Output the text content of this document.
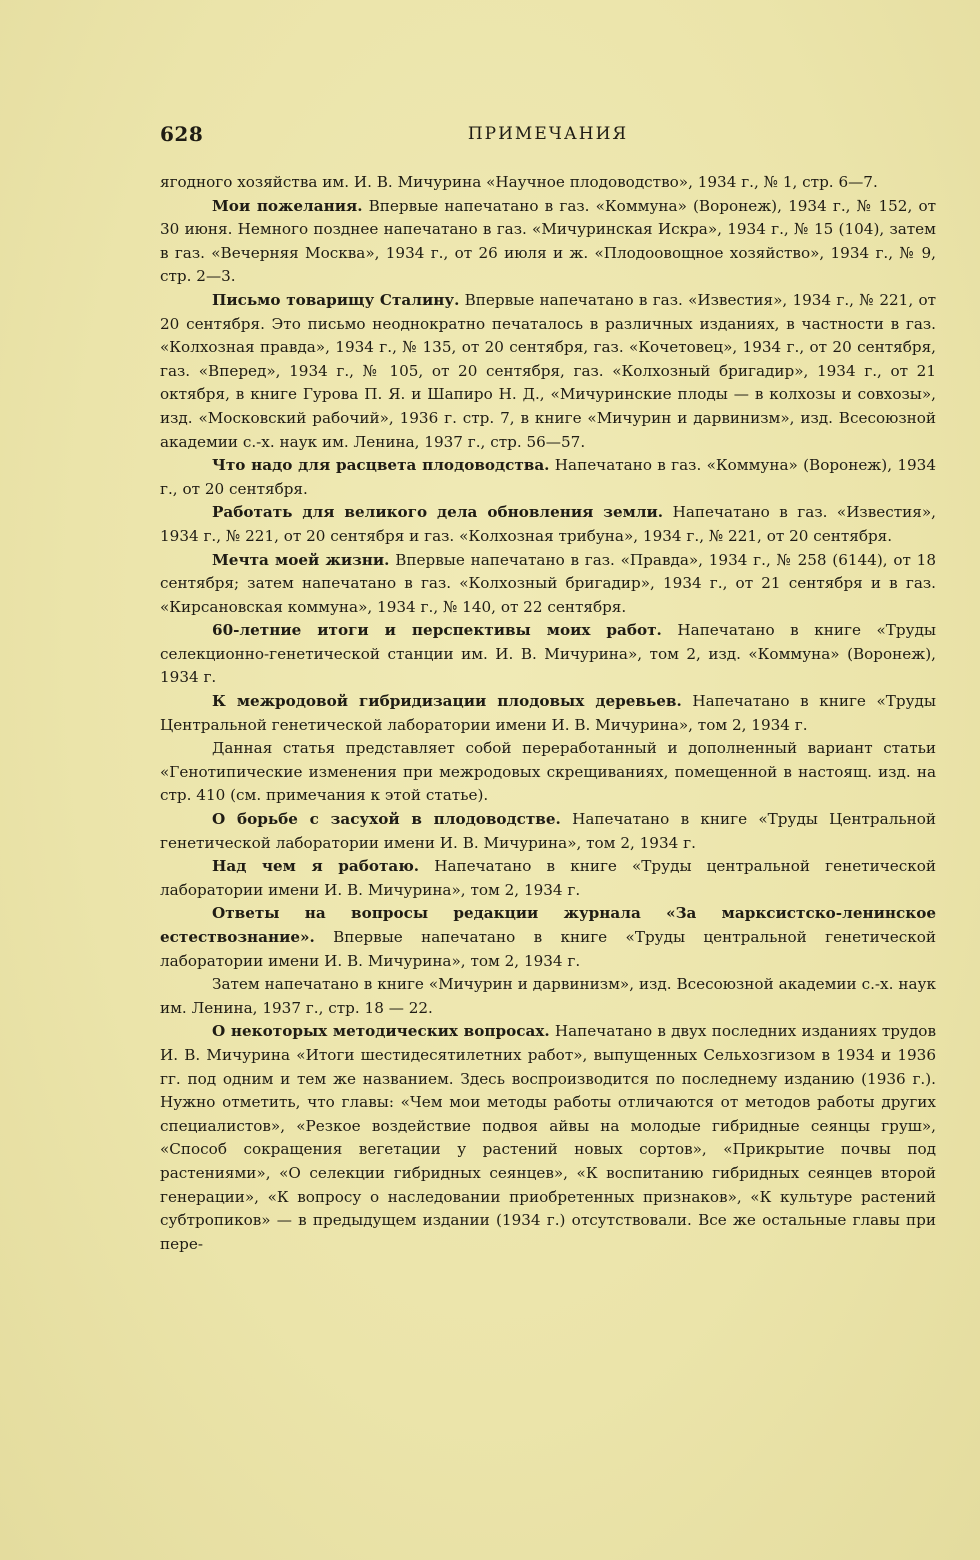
628	ПРИМЕЧАНИЯ

ягодного хозяйства им. И. В. Мичурина «Научное плодоводство», 1934 г., № 1, стр. 6—7.

Мои пожелания. Впервые напечатано в газ. «Коммуна» (Воронеж), 1934 г., № 152, от 30 июня. Немного позднее напечатано в газ. «Мичуринская Искра», 1934 г., № 15 (104), затем в газ. «Вечерняя Москва», 1934 г., от 26 июля и ж. «Плодоовощное хозяйство», 1934 г., № 9, стр. 2—3.

Письмо товарищу Сталину. Впервые напечатано в газ. «Известия», 1934 г., № 221, от 20 сентября. Это письмо неоднократно печаталось в различных изданиях, в частности в газ. «Колхозная правда», 1934 г., № 135, от 20 сентября, газ. «Кочетовец», 1934 г., от 20 сентября, газ. «Вперед», 1934 г., № 105, от 20 сентября, газ. «Колхозный бригадир», 1934 г., от 21 октября, в книге Гурова П. Я. и Шапиро Н. Д., «Мичуринские плоды — в колхозы и совхозы», изд. «Московский рабочий», 1936 г. стр. 7, в книге «Мичурин и дарвинизм», изд. Всесоюзной академии с.-х. наук им. Ленина, 1937 г., стр. 56—57.

Что надо для расцвета плодоводства. Напечатано в газ. «Коммуна» (Воронеж), 1934 г., от 20 сентября.

Работать для великого дела обновления земли. Напечатано в газ. «Известия», 1934 г., № 221, от 20 сентября и газ. «Колхозная трибуна», 1934 г., № 221, от 20 сентября.

Мечта моей жизни. Впервые напечатано в газ. «Правда», 1934 г., № 258 (6144), от 18 сентября; затем напечатано в газ. «Колхозный бригадир», 1934 г., от 21 сентября и в газ. «Кирсановская коммуна», 1934 г., № 140, от 22 сентября.

60-летние итоги и перспективы моих работ. Напечатано в книге «Труды селекционно-генетической станции им. И. В. Мичурина», том 2, изд. «Коммуна» (Воронеж), 1934 г.

К межродовой гибридизации плодовых деревьев. Напечатано в книге «Труды Центральной генетической лаборатории имени И. В. Мичурина», том 2, 1934 г.

Данная статья представляет собой переработанный и дополненный вариант статьи «Генотипические изменения при межродовых скрещиваниях, помещенной в настоящ. изд. на стр. 410 (см. примечания к этой статье).

О борьбе с засухой в плодоводстве. Напечатано в книге «Труды Центральной генетической лаборатории имени И. В. Мичурина», том 2, 1934 г.

Над чем я работаю. Напечатано в книге «Труды центральной генетической лаборатории имени И. В. Мичурина», том 2, 1934 г.

Ответы на вопросы редакции журнала «За марксистско-ленинское естествознание». Впервые напечатано в книге «Труды центральной генетической лаборатории имени И. В. Мичурина», том 2, 1934 г.

Затем напечатано в книге «Мичурин и дарвинизм», изд. Всесоюзной академии с.-х. наук им. Ленина, 1937 г., стр. 18 — 22.

О некоторых методических вопросах. Напечатано в двух последних изданиях трудов И. В. Мичурина «Итоги шестидесятилетних работ», выпущенных Сельхозгизом в 1934 и 1936 гг. под одним и тем же названием. Здесь воспроизводится по последнему изданию (1936 г.). Нужно отметить, что главы: «Чем мои методы работы отличаются от методов работы других специалистов», «Резкое воздействие подвоя айвы на молодые гибридные сеянцы груш», «Способ сокращения вегетации у растений новых сортов», «Прикрытие почвы под растениями», «О селекции гибридных сеянцев», «К воспитанию гибридных сеянцев второй генерации», «К вопросу о наследовании приобретенных признаков», «К культуре растений субтропиков» — в предыдущем издании (1934 г.) отсутствовали. Все же остальные главы при пере-
